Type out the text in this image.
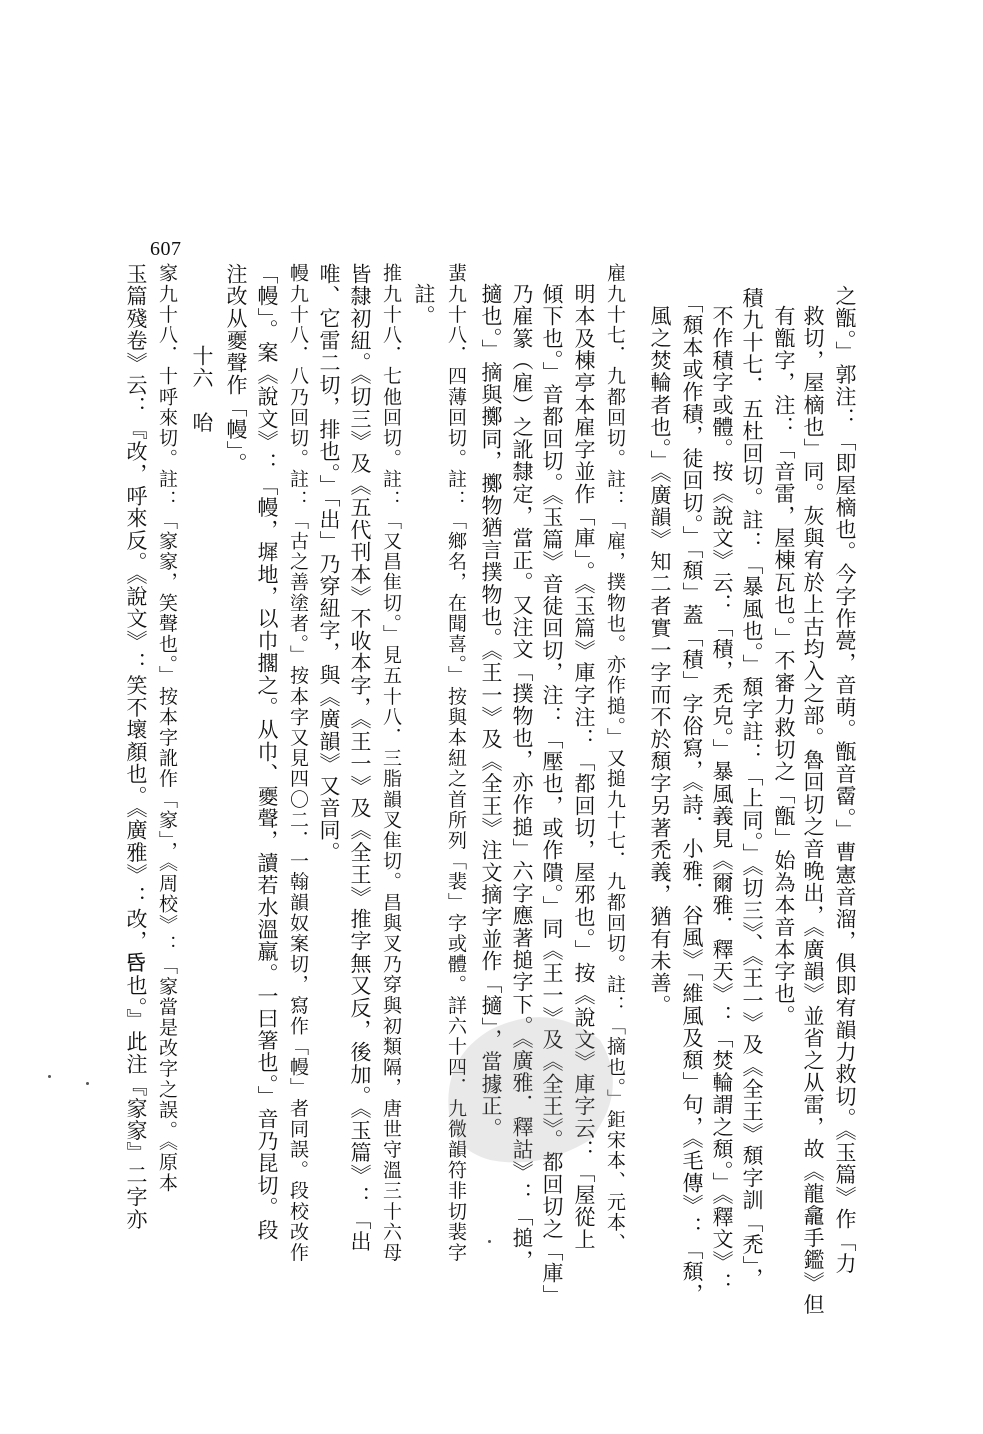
607
之甑。」郭注：「即屋樀也。今字作甍，音萌。甑音霤。」曹憲音溜，俱即宥韻力救切。《玉篇》作「力
救切，屋樀也」同。灰與宥於上古均入之部。魯回切之音晚出，《廣韻》並省之从雷，故《龍龕手鑑》但
有甑字，注：「音雷，屋棟瓦也。」不審力救切之「甑」始為本音本字也。
積九十七．五杜回切。註：「暴風也。」頹字註：「上同。」《切三》、《王一》及《全王》頹字訓「禿」，
不作積字或體。按《說文》云：「積，禿皃。」暴風義見《爾雅．釋天》：「焚輪謂之頹。」《釋文》：
「頹本或作積，徒回切。」「頹」蓋「積」字俗寫，《詩．小雅．谷風》「維風及頹」句，《毛傳》：「頹，
風之焚輪者也。」《廣韻》知二者實一字而不於頹字另著禿義，猶有未善。
雇九十七．九都回切。註：「雇，撲物也。亦作搥。」又搥九十七．九都回切。註：「摘也。」鉅宋本、元本、
明本及棟亭本雇字並作「庫」。《玉篇》庫字注：「都回切，屋邪也。」按《說文》庫字云：「屋從上
傾下也。」音都回切。《玉篇》音徒回切，注：「壓也，或作隤。」同《王一》及《全王》。都回切之「庫」
乃雇篆（雇）之訛隸定，當正。又注文「撲物也，亦作搥」六字應著搥字下。《廣雅．釋詁》：「搥，
擿也。」摘與擲同，擲物猶言撲物也。《王一》及《全王》注文摘字並作「擿」，當據正。
蜚九十八．四薄回切。註：「鄉名，在聞喜。」按與本紐之首所列「裴」字或體。詳六十四．九微韻符非切裴字
註。
推九十八．七他回切。註：「又昌隹切。」見五十八．三脂韻叉隹切。昌與叉乃穿與初類隔，唐世守溫三十六母
皆隸初紐。《切三》及《五代刊本》不收本字，《王一》及《全王》推字無又反，後加。《玉篇》：「出
唯、它雷二切，排也。」「出」乃穿紐字，與《廣韻》又音同。
幔九十八．八乃回切。註：「古之善塗者。」按本字又見四〇二．一翰韻奴案切，寫作「幔」者同誤。段校改作
「幔」。案《說文》：「幔，墀地，以巾擱之。从巾、夒聲，讀若水溫羸。一曰箸也。」音乃昆切。段
注改从夒聲作「幔」。
十六　咍
䆥九十八．十呼來切。註：「䆥䆥，笑聲也。」按本字訛作「䆥」，《周校》：「䆥當是改字之誤。《原本
玉篇殘卷》云：『改，呼來反。《說文》：笑不壞顏也。《廣雅》：改，𠯑也。』此注『䆥䆥』二字亦
